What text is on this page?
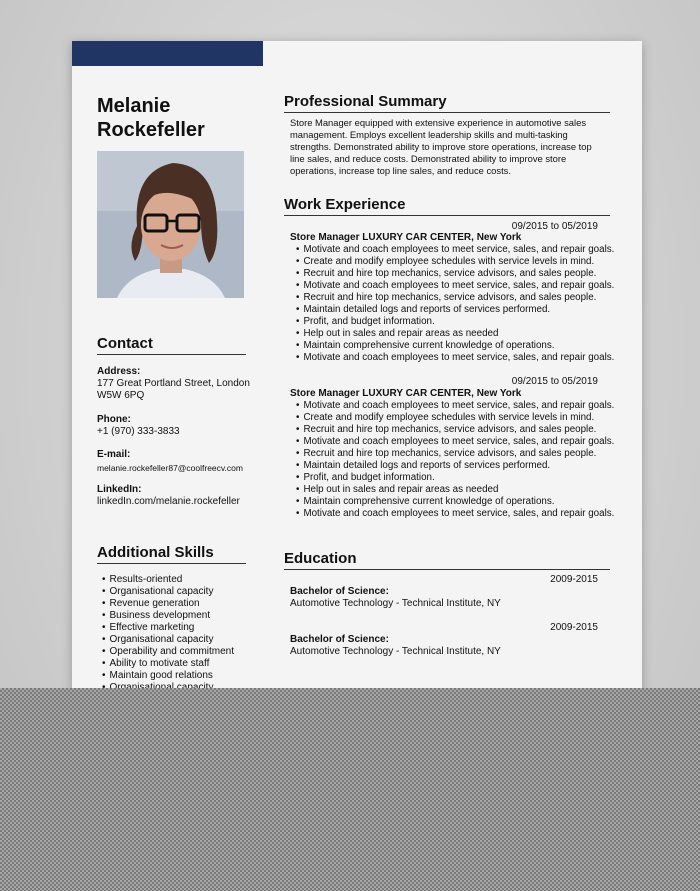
Melanie
Rockefeller
Contact
Address:
177 Great Portland Street, London
W5W 6PQ
Phone:
+1 (970) 333-3833
E-mail:
melanie.rockefeller87@coolfreecv.com
LinkedIn:
linkedIn.com/melanie.rockefeller
Additional Skills
• Results-oriented
• Organisational capacity
• Revenue generation
• Business development
• Effective marketing
• Organisational capacity
• Operability and commitment
• Ability to motivate staff
• Maintain good relations
•
•
Professional Summary
Store Manager equipped with extensive experience in automotive sales management. Employs excellent leadership skills and multi-tasking strengths. Demonstrated ability to improve store operations, increase top line sales, and reduce costs. Demonstrated ability to improve store operations, increase top line sales, and reduce costs.
Work Experience
09/2015 to 05/2019
Store Manager LUXURY CAR CENTER, New York
• Motivate and coach employees to meet service, sales, and repair goals.
• Create and modify employee schedules with service levels in mind.
• Recruit and hire top mechanics, service advisors, and sales people.
• Motivate and coach employees to meet service, sales, and repair goals.
• Recruit and hire top mechanics, service advisors, and sales people.
• Maintain detailed logs and reports of services performed.
• Profit, and budget information.
• Help out in sales and repair areas as needed
• Maintain comprehensive current knowledge of operations.
• Motivate and coach employees to meet service, sales, and repair goals.
09/2015 to 05/2019
Store Manager LUXURY CAR CENTER, New York
• Motivate and coach employees to meet service, sales, and repair goals.
• Create and modify employee schedules with service levels in mind.
• Recruit and hire top mechanics, service advisors, and sales people.
• Motivate and coach employees to meet service, sales, and repair goals.
• Recruit and hire top mechanics, service advisors, and sales people.
• Maintain detailed logs and reports of services performed.
• Profit, and budget information.
• Help out in sales and repair areas as needed
• Maintain comprehensive current knowledge of operations.
• Motivate and coach employees to meet service, sales, and repair goals.
Education
2009-2015
Bachelor of Science:
Automotive Technology - Technical Institute, NY
2009-2015
Bachelor of Science:
Automotive Technology - Technical Institute, NY
